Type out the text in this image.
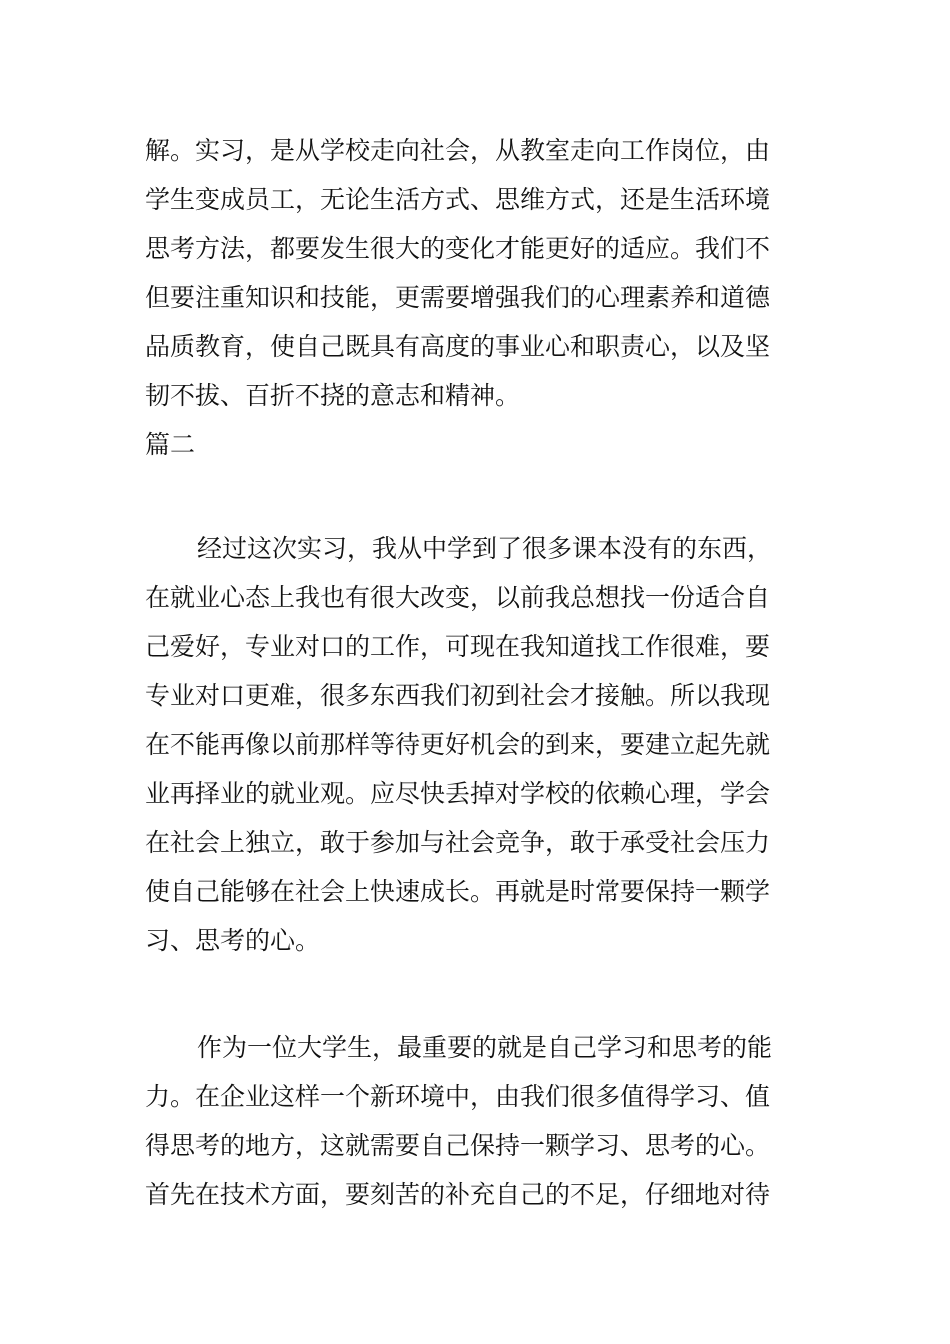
解。实习，是从学校走向社会，从教室走向工作岗位，由
学生变成员工，无论生活方式、思维方式，还是生活环境
思考方法，都要发生很大的变化才能更好的适应。我们不
但要注重知识和技能，更需要增强我们的心理素养和道德
品质教育，使自己既具有高度的事业心和职责心，以及坚
韧不拔、百折不挠的意志和精神。
篇二
经过这次实习，我从中学到了很多课本没有的东西，
在就业心态上我也有很大改变，以前我总想找一份适合自
己爱好，专业对口的工作，可现在我知道找工作很难，要
专业对口更难，很多东西我们初到社会才接触。所以我现
在不能再像以前那样等待更好机会的到来，要建立起先就
业再择业的就业观。应尽快丢掉对学校的依赖心理，学会
在社会上独立，敢于参加与社会竞争，敢于承受社会压力
使自己能够在社会上快速成长。再就是时常要保持一颗学
习、思考的心。
作为一位大学生，最重要的就是自己学习和思考的能
力。在企业这样一个新环境中，由我们很多值得学习、值
得思考的地方，这就需要自己保持一颗学习、思考的心。
首先在技术方面，要刻苦的补充自己的不足，仔细地对待
